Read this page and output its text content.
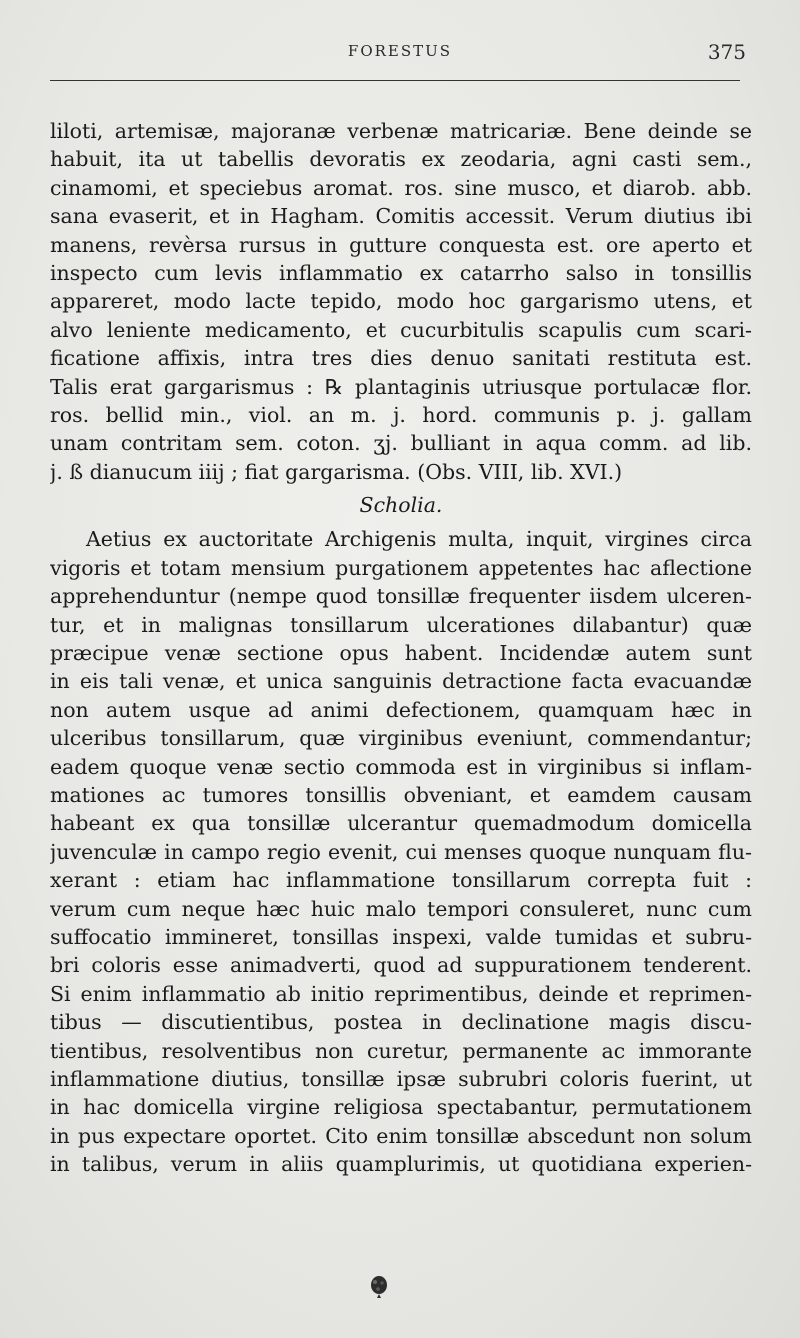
FORESTUS	375
liloti, artemisæ, majoranæ verbenæ matricariæ. Bene deinde se
habuit, ita ut tabellis devoratis ex zeodaria, agni casti sem.,
cinamomi, et speciebus aromat. ros. sine musco, et diarob. abb.
sana evaserit, et in Hagham. Comitis accessit. Verum diutius ibi
manens, revèrsa rursus in gutture conquesta est. ore aperto et
inspecto cum levis inflammatio ex catarrho salso in tonsillis
appareret, modo lacte tepido, modo hoc gargarismo utens, et
alvo leniente medicamento, et cucurbitulis scapulis cum scari-
ficatione affixis, intra tres dies denuo sanitati restituta est.
Talis erat gargarismus : ℞ plantaginis utriusque portulacæ flor.
ros. bellid min., viol. an m. j. hord. communis p. j. gallam
unam contritam sem. coton. ʒj. bulliant in aqua comm. ad lib.
j. ß dianucum iiij ; fiat gargarisma. (Obs. VIII, lib. XVI.)
Scholia.
Aetius ex auctoritate Archigenis multa, inquit, virgines circa
vigoris et totam mensium purgationem appetentes hac aflectione
apprehenduntur (nempe quod tonsillæ frequenter iisdem ulceren-
tur, et in malignas tonsillarum ulcerationes dilabantur) quæ
præcipue venæ sectione opus habent. Incidendæ autem sunt
in eis tali venæ, et unica sanguinis detractione facta evacuandæ
non autem usque ad animi defectionem, quamquam hæc in
ulceribus tonsillarum, quæ virginibus eveniunt, commendantur;
eadem quoque venæ sectio commoda est in virginibus si inflam-
mationes ac tumores tonsillis obveniant, et eamdem causam
habeant ex qua tonsillæ ulcerantur quemadmodum domicella
juvenculæ in campo regio evenit, cui menses quoque nunquam flu-
xerant : etiam hac inflammatione tonsillarum correpta fuit :
verum cum neque hæc huic malo tempori consuleret, nunc cum
suffocatio immineret, tonsillas inspexi, valde tumidas et subru-
bri coloris esse animadverti, quod ad suppurationem tenderent.
Si enim inflammatio ab initio reprimentibus, deinde et reprimen-
tibus — discutientibus, postea in declinatione magis discu-
tientibus, resolventibus non curetur, permanente ac immorante
inflammatione diutius, tonsillæ ipsæ subrubri coloris fuerint, ut
in hac domicella virgine religiosa spectabantur, permutationem
in pus expectare oportet. Cito enim tonsillæ abscedunt non solum
in talibus, verum in aliis quamplurimis, ut quotidiana experien-
